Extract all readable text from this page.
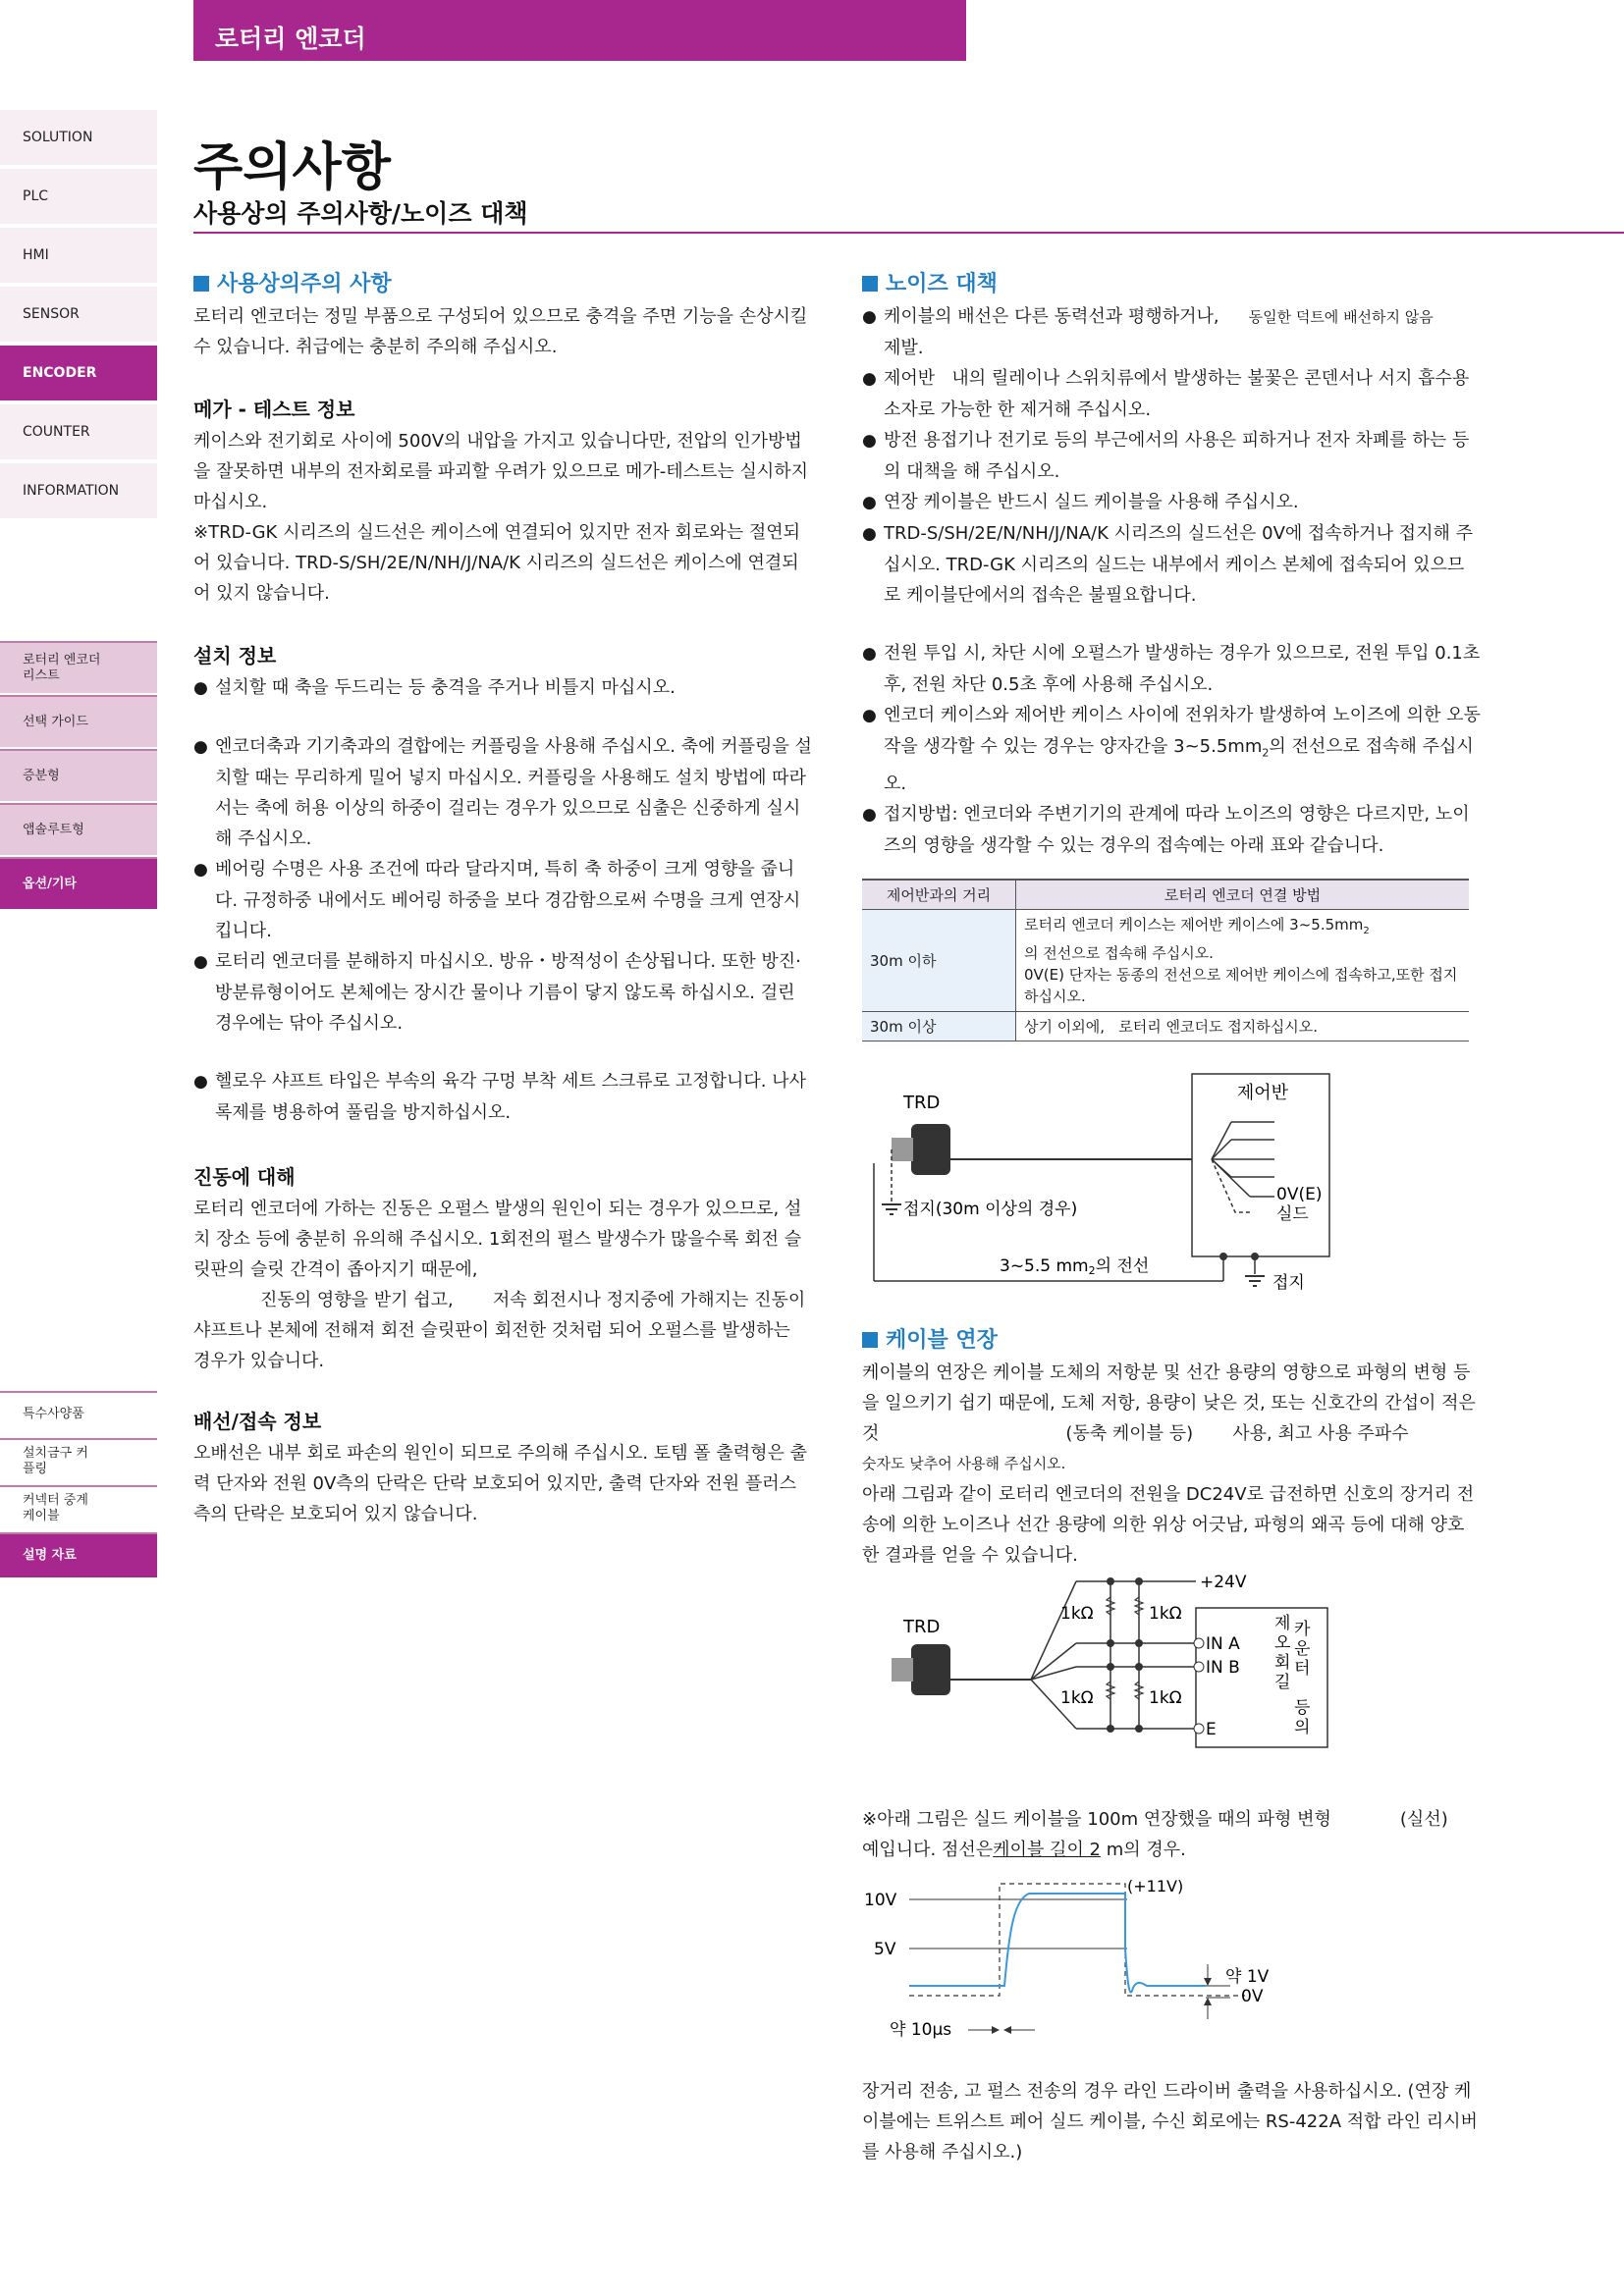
로터리 엔코더
SOLUTION
PLC
HMI
SENSOR
ENCODER
COUNTER
INFORMATION
로터리 엔코더 리스트
선택 가이드
증분형
앱솔루트형
옵션/기타
특수사양품
설치금구 커플링
커넥터 중계 케이블
설명 자료
주의사항
사용상의 주의사항/노이즈 대책
사용상의주의 사항
로터리 엔코더는 정밀 부품으로 구성되어 있으므로 충격을 주면 기능을 손상시킬 수 있습니다. 취급에는 충분히 주의해 주십시오.
메가 - 테스트 정보
케이스와 전기회로 사이에 500V의 내압을 가지고 있습니다만, 전압의 인가방법을 잘못하면 내부의 전자회로를 파괴할 우려가 있으므로 메가-테스트는 실시하지 마십시오.
※TRD-GK 시리즈의 실드선은 케이스에 연결되어 있지만 전자 회로와는 절연되어 있습니다. TRD-S/SH/2E/N/NH/J/NA/K 시리즈의 실드선은 케이스에 연결되어 있지 않습니다.
설치 정보
● 설치할 때 축을 두드리는 등 충격을 주거나 비틀지 마십시오.
● 엔코더축과 기기축과의 결합에는 커플링을 사용해 주십시오. 축에 커플링을 설치할 때는 무리하게 밀어 넣지 마십시오. 커플링을 사용해도 설치 방법에 따라서는 축에 허용 이상의 하중이 걸리는 경우가 있으므로 심출은 신중하게 실시해 주십시오.
● 베어링 수명은 사용 조건에 따라 달라지며, 특히 축 하중이 크게 영향을 줍니다. 규정하중 내에서도 베어링 하중을 보다 경감함으로써 수명을 크게 연장시킵니다.
● 로터리 엔코더를 분해하지 마십시오. 방유・방적성이 손상됩니다. 또한 방진·방분류형이어도 본체에는 장시간 물이나 기름이 닿지 않도록 하십시오. 걸린 경우에는 닦아 주십시오.
● 헬로우 샤프트 타입은 부속의 육각 구멍 부착 세트 스크류로 고정합니다. 나사록제를 병용하여 풀림을 방지하십시오.
진동에 대해
로터리 엔코더에 가하는 진동은 오펄스 발생의 원인이 되는 경우가 있으므로, 설치 장소 등에 충분히 유의해 주십시오. 1회전의 펄스 발생수가 많을수록 회전 슬릿판의 슬릿 간격이 좁아지기 때문에,
진동의 영향을 받기 쉽고,       저속 회전시나 정지중에 가해지는 진동이
샤프트나 본체에 전해져 회전 슬릿판이 회전한 것처럼 되어 오펄스를 발생하는 경우가 있습니다.
배선/접속 정보
오배선은 내부 회로 파손의 원인이 되므로 주의해 주십시오. 토템 폴 출력형은 출력 단자와 전원 0V측의 단락은 단락 보호되어 있지만, 출력 단자와 전원 플러스측의 단락은 보호되어 있지 않습니다.
노이즈 대책
● 케이블의 배선은 다른 동력선과 평행하거나, 동일한 덕트에 배선하지 않음
제발.
● 제어반   내의 릴레이나 스위치류에서 발생하는 불꽃은 콘덴서나 서지 흡수용 소자로 가능한 한 제거해 주십시오.
● 방전 용접기나 전기로 등의 부근에서의 사용은 피하거나 전자 차폐를 하는 등의 대책을 해 주십시오.
● 연장 케이블은 반드시 실드 케이블을 사용해 주십시오.
● TRD-S/SH/2E/N/NH/J/NA/K 시리즈의 실드선은 0V에 접속하거나 접지해 주십시오. TRD-GK 시리즈의 실드는 내부에서 케이스 본체에 접속되어 있으므로 케이블단에서의 접속은 불필요합니다.
● 전원 투입 시, 차단 시에 오펄스가 발생하는 경우가 있으므로, 전원 투입 0.1초 후, 전원 차단 0.5초 후에 사용해 주십시오.
● 엔코더 케이스와 제어반 케이스 사이에 전위차가 발생하여 노이즈에 의한 오동작을 생각할 수 있는 경우는 양자간을 $3\sim 5.5mm_2$의 전선으로 접속해 주십시오.
● 접지방법: 엔코더와 주변기기의 관계에 따라 노이즈의 영향은 다르지만, 노이즈의 영향을 생각할 수 있는 경우의 접속예는 아래 표와 같습니다.
제어반과의 거리	로터리 엔코더 연결 방법
30m 이하	로터리 엔코더 케이스는 제어반 케이스에 $3\sim 5.5mm_2$
의 전선으로 접속해 주십시오.
0V(E) 단자는 동종의 전선으로 제어반 케이스에 접속하고,또한 접지하십시오.
30m 이상	상기 이외에,   로터리 엔코더도 접지하십시오.
TRD	제어반
0V(E)
실드
접지(30m 이상의 경우)
접지
3~5.5 mm2의 전선
케이블 연장
케이블의 연장은 케이블 도체의 저항분 및 선간 용량의 영향으로 파형의 변형 등을 일으키기 쉽기 때문에, 도체 저항, 용량이 낮은 것, 또는 신호간의 간섭이 적은
것	(동축 케이블 등) 사용, 최고 사용 주파수
숫자도 낮추어 사용해 주십시오.
아래 그림과 같이 로터리 엔코더의 전원을 DC24V로 급전하면 신호의 장거리 전송에 의한 노이즈나 선간 용량에 의한 위상 어긋남, 파형의 왜곡 등에 대해 양호한 결과를 얻을 수 있습니다.
TRD
+24V
1kΩ	1kΩ
1kΩ	1kΩ
IN A
IN B
E
제
오
회
길
카
운
터
등
의
※아래 그림은 실드 케이블을 100m 연장했을 때의 파형 변형	(실선)
예입니다. 점선은케이블 길이 2 m의 경우.
10V
5V
(+11V)
약 1V
0V
약 10μs
장거리 전송, 고 펄스 전송의 경우 라인 드라이버 출력을 사용하십시오. (연장 케이블에는 트위스트 페어 실드 케이블, 수신 회로에는 RS-422A 적합 라인 리시버를 사용해 주십시오.)
